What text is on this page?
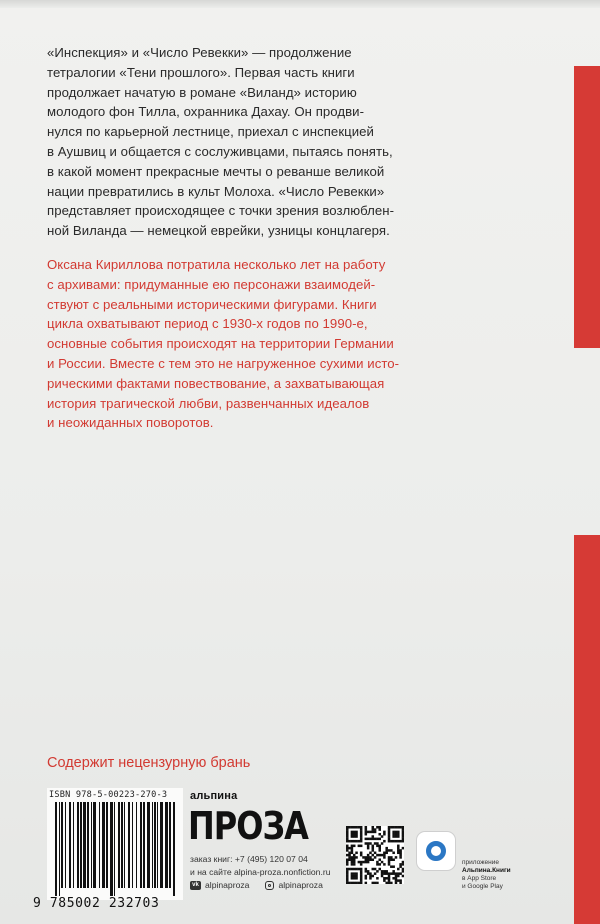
«Инспекция» и «Число Ревекки» — продолжение
тетралогии «Тени прошлого». Первая часть книги
продолжает начатую в романе «Виланд» историю
молодого фон Тилла, охранника Дахау. Он продви-
нулся по карьерной лестнице, приехал с инспекцией
в Аушвиц и общается с сослуживцами, пытаясь понять,
в какой момент прекрасные мечты о реванше великой
нации превратились в культ Молоха. «Число Ревекки»
представляет происходящее с точки зрения возлюблен-
ной Виланда — немецкой еврейки, узницы концлагеря.
Оксана Кириллова потратила несколько лет на работу
с архивами: придуманные ею персонажи взаимодей-
ствуют с реальными историческими фигурами. Книги
цикла охватывают период с 1930-х годов по 1990-е,
основные события происходят на территории Германии
и России. Вместе с тем это не нагруженное сухими исто-
рическими фактами повествование, а захватывающая
история трагической любви, развенчанных идеалов
и неожиданных поворотов.
Содержит нецензурную брань
ISBN 978-5-00223-270-3
9 785002 232703
альпина
ПРОЗА
заказ книг: +7 (495) 120 07 04
и на сайте alpina-proza.nonfiction.ru
vk alpinaproza	alpinaproza
приложение
Альпина.Книги
в App Store
и Google Play
